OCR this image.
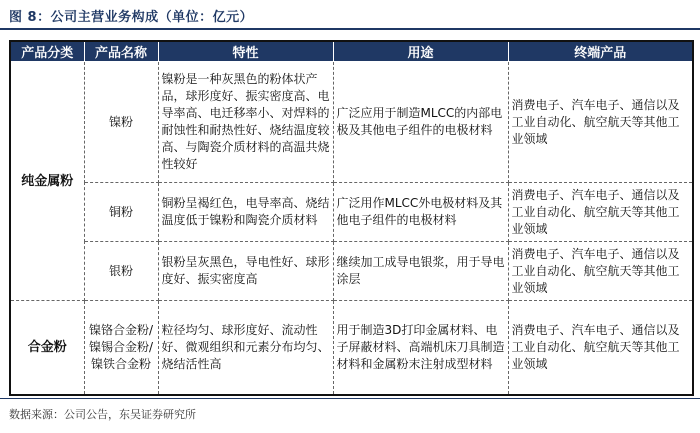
图 8：公司主营业务构成（单位：亿元）
产品分类	产品名称	特性	用途	终端产品
纯金属粉	镍粉	镍粉是一种灰黑色的粉体状产品，球形度好、振实密度高、电导率高、电迁移率小、对焊料的耐蚀性和耐热性好、烧结温度较高、与陶瓷介质材料的高温共烧性较好	广泛应用于制造MLCC的内部电极及其他电子组件的电极材料	消费电子、汽车电子、通信以及工业自动化、航空航天等其他工业领域
	铜粉	铜粉呈褐红色，电导率高、烧结温度低于镍粉和陶瓷介质材料	广泛用作MLCC外电极材料及其他电子组件的电极材料	消费电子、汽车电子、通信以及工业自动化、航空航天等其他工业领域
	银粉	银粉呈灰黑色，导电性好、球形度好、振实密度高	继续加工成导电银浆，用于导电涂层	消费电子、汽车电子、通信以及工业自动化、航空航天等其他工业领域
合金粉	镍铬合金粉/镍锡合金粉/镍铁合金粉	粒径均匀、球形度好、流动性好、微观组织和元素分布均匀、烧结活性高	用于制造3D打印金属材料、电子屏蔽材料、高端机床刀具制造材料和金属粉末注射成型材料	消费电子、汽车电子、通信以及工业自动化、航空航天等其他工业领域
数据来源：公司公告，东吴证券研究所
